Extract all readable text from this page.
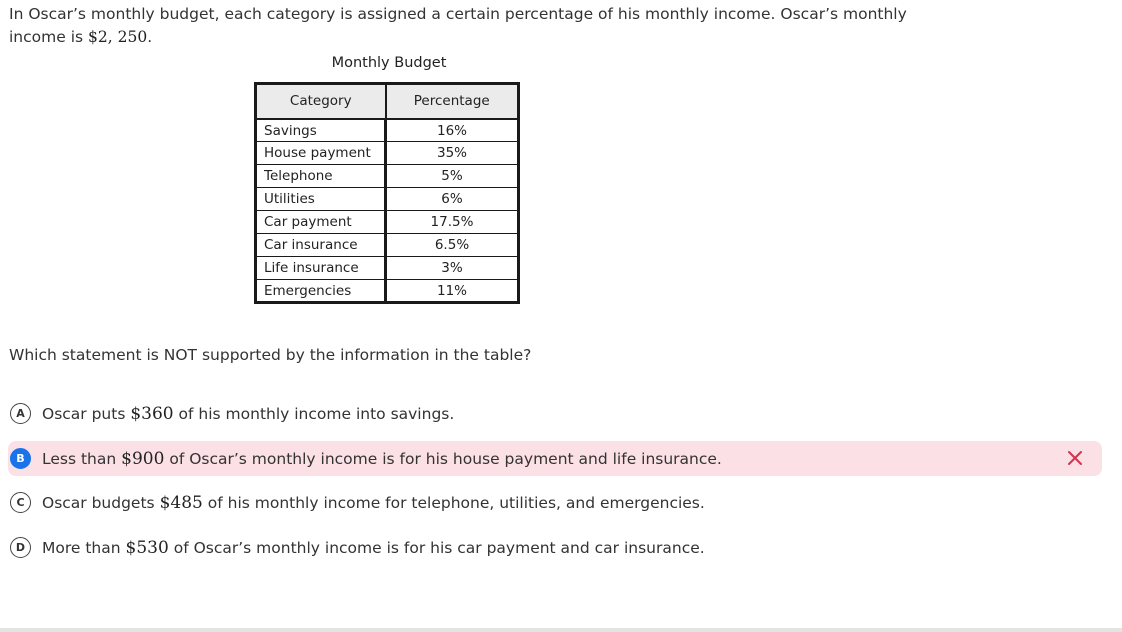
In Oscar’s monthly budget, each category is assigned a certain percentage of his monthly income. Oscar’s monthly income is $2, 250.

Monthly Budget
Category	Percentage
Savings	16%
House payment	35%
Telephone	5%
Utilities	6%
Car payment	17.5%
Car insurance	6.5%
Life insurance	3%
Emergencies	11%

Which statement is NOT supported by the information in the table?

A	Oscar puts $360 of his monthly income into savings.
B	Less than $900 of Oscar’s monthly income is for his house payment and life insurance.
C	Oscar budgets $485 of his monthly income for telephone, utilities, and emergencies.
D	More than $530 of Oscar’s monthly income is for his car payment and car insurance.
